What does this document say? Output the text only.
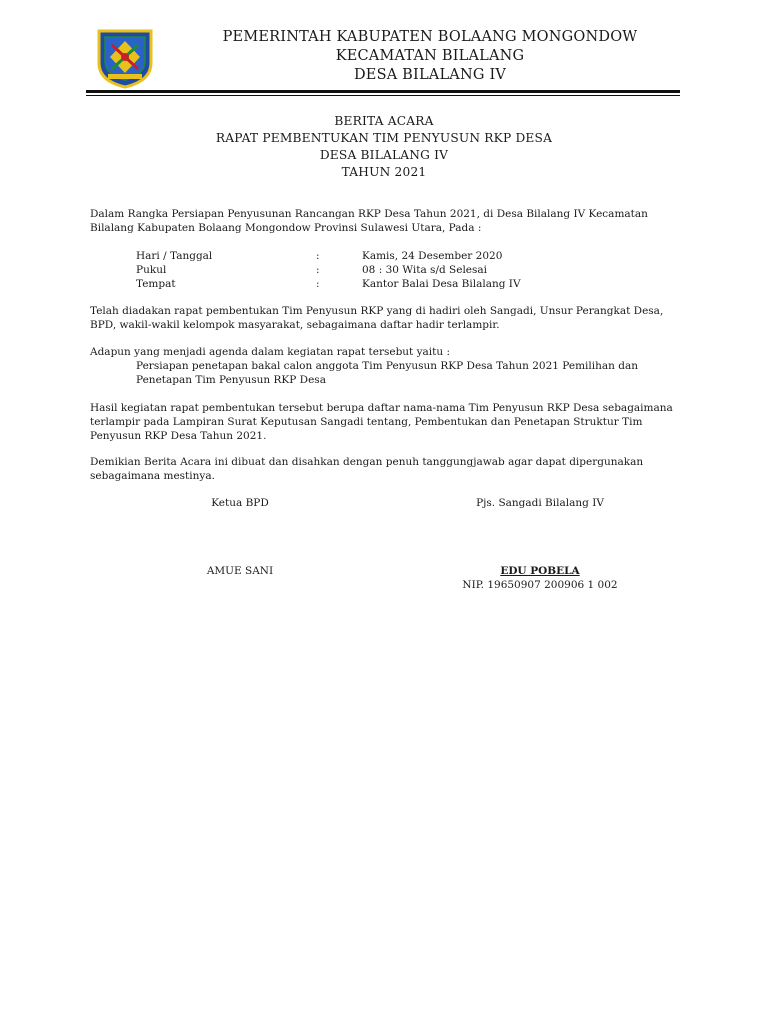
PEMERINTAH KABUPATEN BOLAANG MONGONDOW
KECAMATAN BILALANG
DESA BILALANG IV
BERITA ACARA
RAPAT PEMBENTUKAN TIM PENYUSUN RKP DESA
DESA BILALANG IV
TAHUN 2021
Dalam Rangka Persiapan Penyusunan Rancangan RKP Desa Tahun 2021, di Desa Bilalang IV Kecamatan
Bilalang Kabupaten Bolaang Mongondow Provinsi Sulawesi Utara, Pada :
Hari / Tanggal	:	Kamis, 24 Desember 2020
Pukul	:	08 : 30 Wita s/d Selesai
Tempat	:	Kantor Balai Desa Bilalang IV
Telah diadakan rapat pembentukan Tim Penyusun RKP yang di hadiri oleh Sangadi, Unsur Perangkat Desa,
BPD, wakil-wakil kelompok masyarakat, sebagaimana daftar hadir terlampir.
Adapun yang menjadi agenda dalam kegiatan rapat tersebut yaitu :
Persiapan penetapan bakal calon anggota Tim Penyusun RKP Desa Tahun 2021 Pemilihan dan
Penetapan Tim Penyusun RKP Desa
Hasil kegiatan rapat pembentukan tersebut berupa daftar nama-nama Tim Penyusun RKP Desa sebagaimana
terlampir pada Lampiran Surat Keputusan Sangadi tentang, Pembentukan dan Penetapan Struktur Tim
Penyusun RKP Desa Tahun 2021.
Demikian Berita Acara ini dibuat dan disahkan dengan penuh tanggungjawab agar dapat dipergunakan
sebagaimana mestinya.
Ketua BPD	Pjs. Sangadi Bilalang IV
AMUE SANI	EDU POBELA
NIP. 19650907 200906 1 002
